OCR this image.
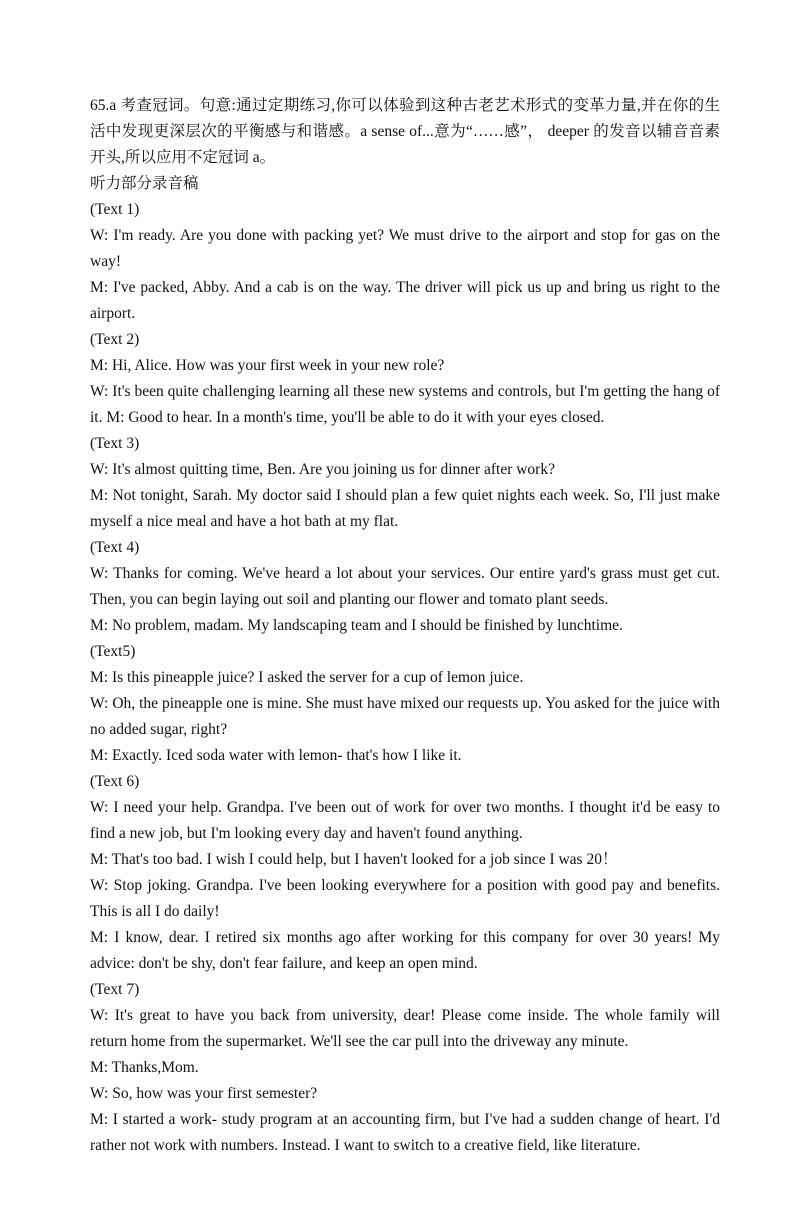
65.a 考查冠词。句意:通过定期练习,你可以体验到这种古老艺术形式的变革力量,并在你的生活中发现更深层次的平衡感与和谐感。a sense of...意为“……感”， deeper 的发音以辅音音素开头,所以应用不定冠词 a。

听力部分录音稿

(Text 1)

W: I'm ready. Are you done with packing yet? We must drive to the airport and stop for gas on the way!

M: I've packed, Abby. And a cab is on the way. The driver will pick us up and bring us right to the airport.

(Text 2)

M: Hi, Alice. How was your first week in your new role?

W: It's been quite challenging learning all these new systems and controls, but I'm getting the hang of it. M: Good to hear. In a month's time, you'll be able to do it with your eyes closed.

(Text 3)

W: It's almost quitting time, Ben. Are you joining us for dinner after work?

M: Not tonight, Sarah. My doctor said I should plan a few quiet nights each week. So, I'll just make myself a nice meal and have a hot bath at my flat.

(Text 4)

W: Thanks for coming. We've heard a lot about your services. Our entire yard's grass must get cut. Then, you can begin laying out soil and planting our flower and tomato plant seeds.

M: No problem, madam. My landscaping team and I should be finished by lunchtime.

(Text5)

M: Is this pineapple juice? I asked the server for a cup of lemon juice.

W: Oh, the pineapple one is mine. She must have mixed our requests up. You asked for the juice with no added sugar, right?

M: Exactly. Iced soda water with lemon- that's how I like it.

(Text 6)

W: I need your help. Grandpa. I've been out of work for over two months. I thought it'd be easy to find a new job, but I'm looking every day and haven't found anything.

M: That's too bad. I wish I could help, but I haven't looked for a job since I was 20！

W: Stop joking. Grandpa. I've been looking everywhere for a position with good pay and benefits. This is all I do daily!

M: I know, dear. I retired six months ago after working for this company for over 30 years! My advice: don't be shy, don't fear failure, and keep an open mind.

(Text 7)

W: It's great to have you back from university, dear! Please come inside. The whole family will return home from the supermarket. We'll see the car pull into the driveway any minute.

M: Thanks,Mom.

W: So, how was your first semester?

M: I started a work- study program at an accounting firm, but I've had a sudden change of heart. I'd rather not work with numbers. Instead. I want to switch to a creative field, like literature.
